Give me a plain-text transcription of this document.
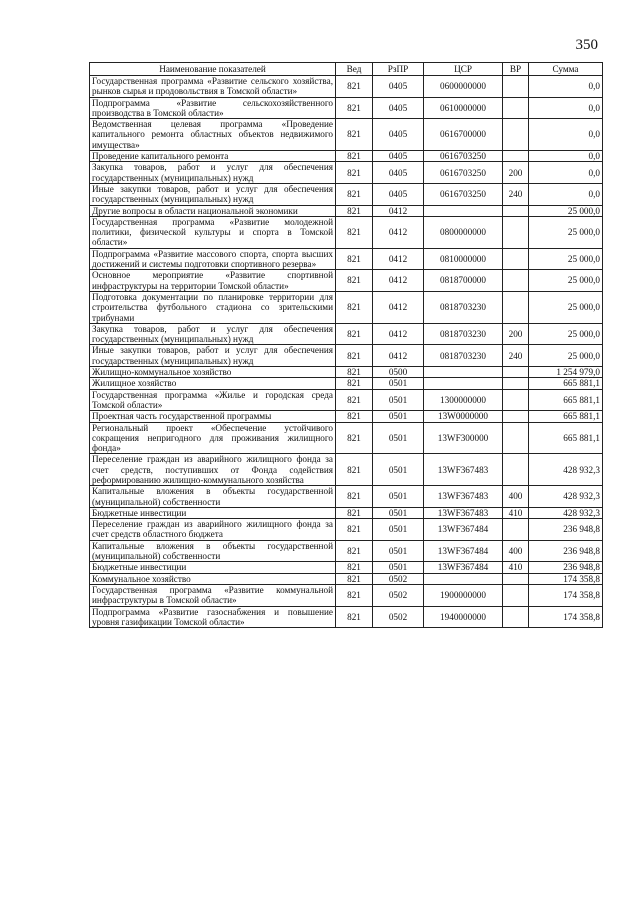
350
Наименование показателей	Вед	РзПР	ЦСР	ВР	Сумма
Государственная программа «Развитие сельского хозяйства, рынков сырья и продовольствия в Томской области»	821	0405	0600000000		0,0
Подпрограмма «Развитие сельскохозяйственного производства в Томской области»	821	0405	0610000000		0,0
Ведомственная целевая программа «Проведение капитального ремонта областных объектов недвижимого имущества»	821	0405	0616700000		0,0
Проведение капитального ремонта	821	0405	0616703250		0,0
Закупка товаров, работ и услуг для обеспечения государственных (муниципальных) нужд	821	0405	0616703250	200	0,0
Иные закупки товаров, работ и услуг для обеспечения государственных (муниципальных) нужд	821	0405	0616703250	240	0,0
Другие вопросы в области национальной экономики	821	0412			25 000,0
Государственная программа «Развитие молодежной политики, физической культуры и спорта в Томской области»	821	0412	0800000000		25 000,0
Подпрограмма «Развитие массового спорта, спорта высших достижений и системы подготовки спортивного резерва»	821	0412	0810000000		25 000,0
Основное мероприятие «Развитие спортивной инфраструктуры на территории Томской области»	821	0412	0818700000		25 000,0
Подготовка документации по планировке территории для строительства футбольного стадиона со зрительскими трибунами	821	0412	0818703230		25 000,0
Закупка товаров, работ и услуг для обеспечения государственных (муниципальных) нужд	821	0412	0818703230	200	25 000,0
Иные закупки товаров, работ и услуг для обеспечения государственных (муниципальных) нужд	821	0412	0818703230	240	25 000,0
Жилищно-коммунальное хозяйство	821	0500			1 254 979,0
Жилищное хозяйство	821	0501			665 881,1
Государственная программа «Жилье и городская среда Томской области»	821	0501	1300000000		665 881,1
Проектная часть государственной программы	821	0501	13W0000000		665 881,1
Региональный проект «Обеспечение устойчивого сокращения непригодного для проживания жилищного фонда»	821	0501	13WF300000		665 881,1
Переселение граждан из аварийного жилищного фонда за счет средств, поступивших от Фонда содействия реформированию жилищно-коммунального хозяйства	821	0501	13WF367483		428 932,3
Капитальные вложения в объекты государственной (муниципальной) собственности	821	0501	13WF367483	400	428 932,3
Бюджетные инвестиции	821	0501	13WF367483	410	428 932,3
Переселение граждан из аварийного жилищного фонда за счет средств областного бюджета	821	0501	13WF367484		236 948,8
Капитальные вложения в объекты государственной (муниципальной) собственности	821	0501	13WF367484	400	236 948,8
Бюджетные инвестиции	821	0501	13WF367484	410	236 948,8
Коммунальное хозяйство	821	0502			174 358,8
Государственная программа «Развитие коммунальной инфраструктуры в Томской области»	821	0502	1900000000		174 358,8
Подпрограмма «Развитие газоснабжения и повышение уровня газификации Томской области»	821	0502	1940000000		174 358,8
